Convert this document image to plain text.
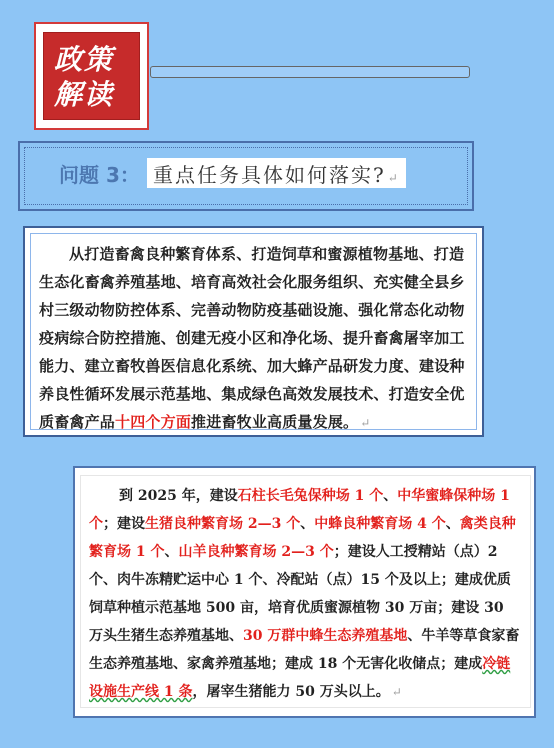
政策
解读
问题 3： 重点任务具体如何落实? ↵
从打造畜禽良种繁育体系、打造饲草和蜜源植物基地、打造生态化畜禽养殖基地、培育高效社会化服务组织、充实健全县乡村三级动物防控体系、完善动物防疫基础设施、强化常态化动物疫病综合防控措施、创建无疫小区和净化场、提升畜禽屠宰加工能力、建立畜牧兽医信息化系统、加大蜂产品研发力度、建设种养良性循环发展示范基地、集成绿色高效发展技术、打造安全优质畜禽产品十四个方面推进畜牧业高质量发展。 ↵
到 2025 年，建设石柱长毛兔保种场 1 个、中华蜜蜂保种场 1 个；建设生猪良种繁育场 2—3 个、中蜂良种繁育场 4 个、禽类良种繁育场 1 个、山羊良种繁育场 2—3 个；建设人工授精站（点）2 个、肉牛冻精贮运中心 1 个、冷配站（点）15 个及以上；建成优质饲草种植示范基地 500 亩，培育优质蜜源植物 30 万亩；建设 30 万头生猪生态养殖基地、30 万群中蜂生态养殖基地、牛羊等草食家畜生态养殖基地、家禽养殖基地；建成 18 个无害化收储点；建成冷链设施生产线 1 条，屠宰生猪能力 50 万头以上。 ↵
